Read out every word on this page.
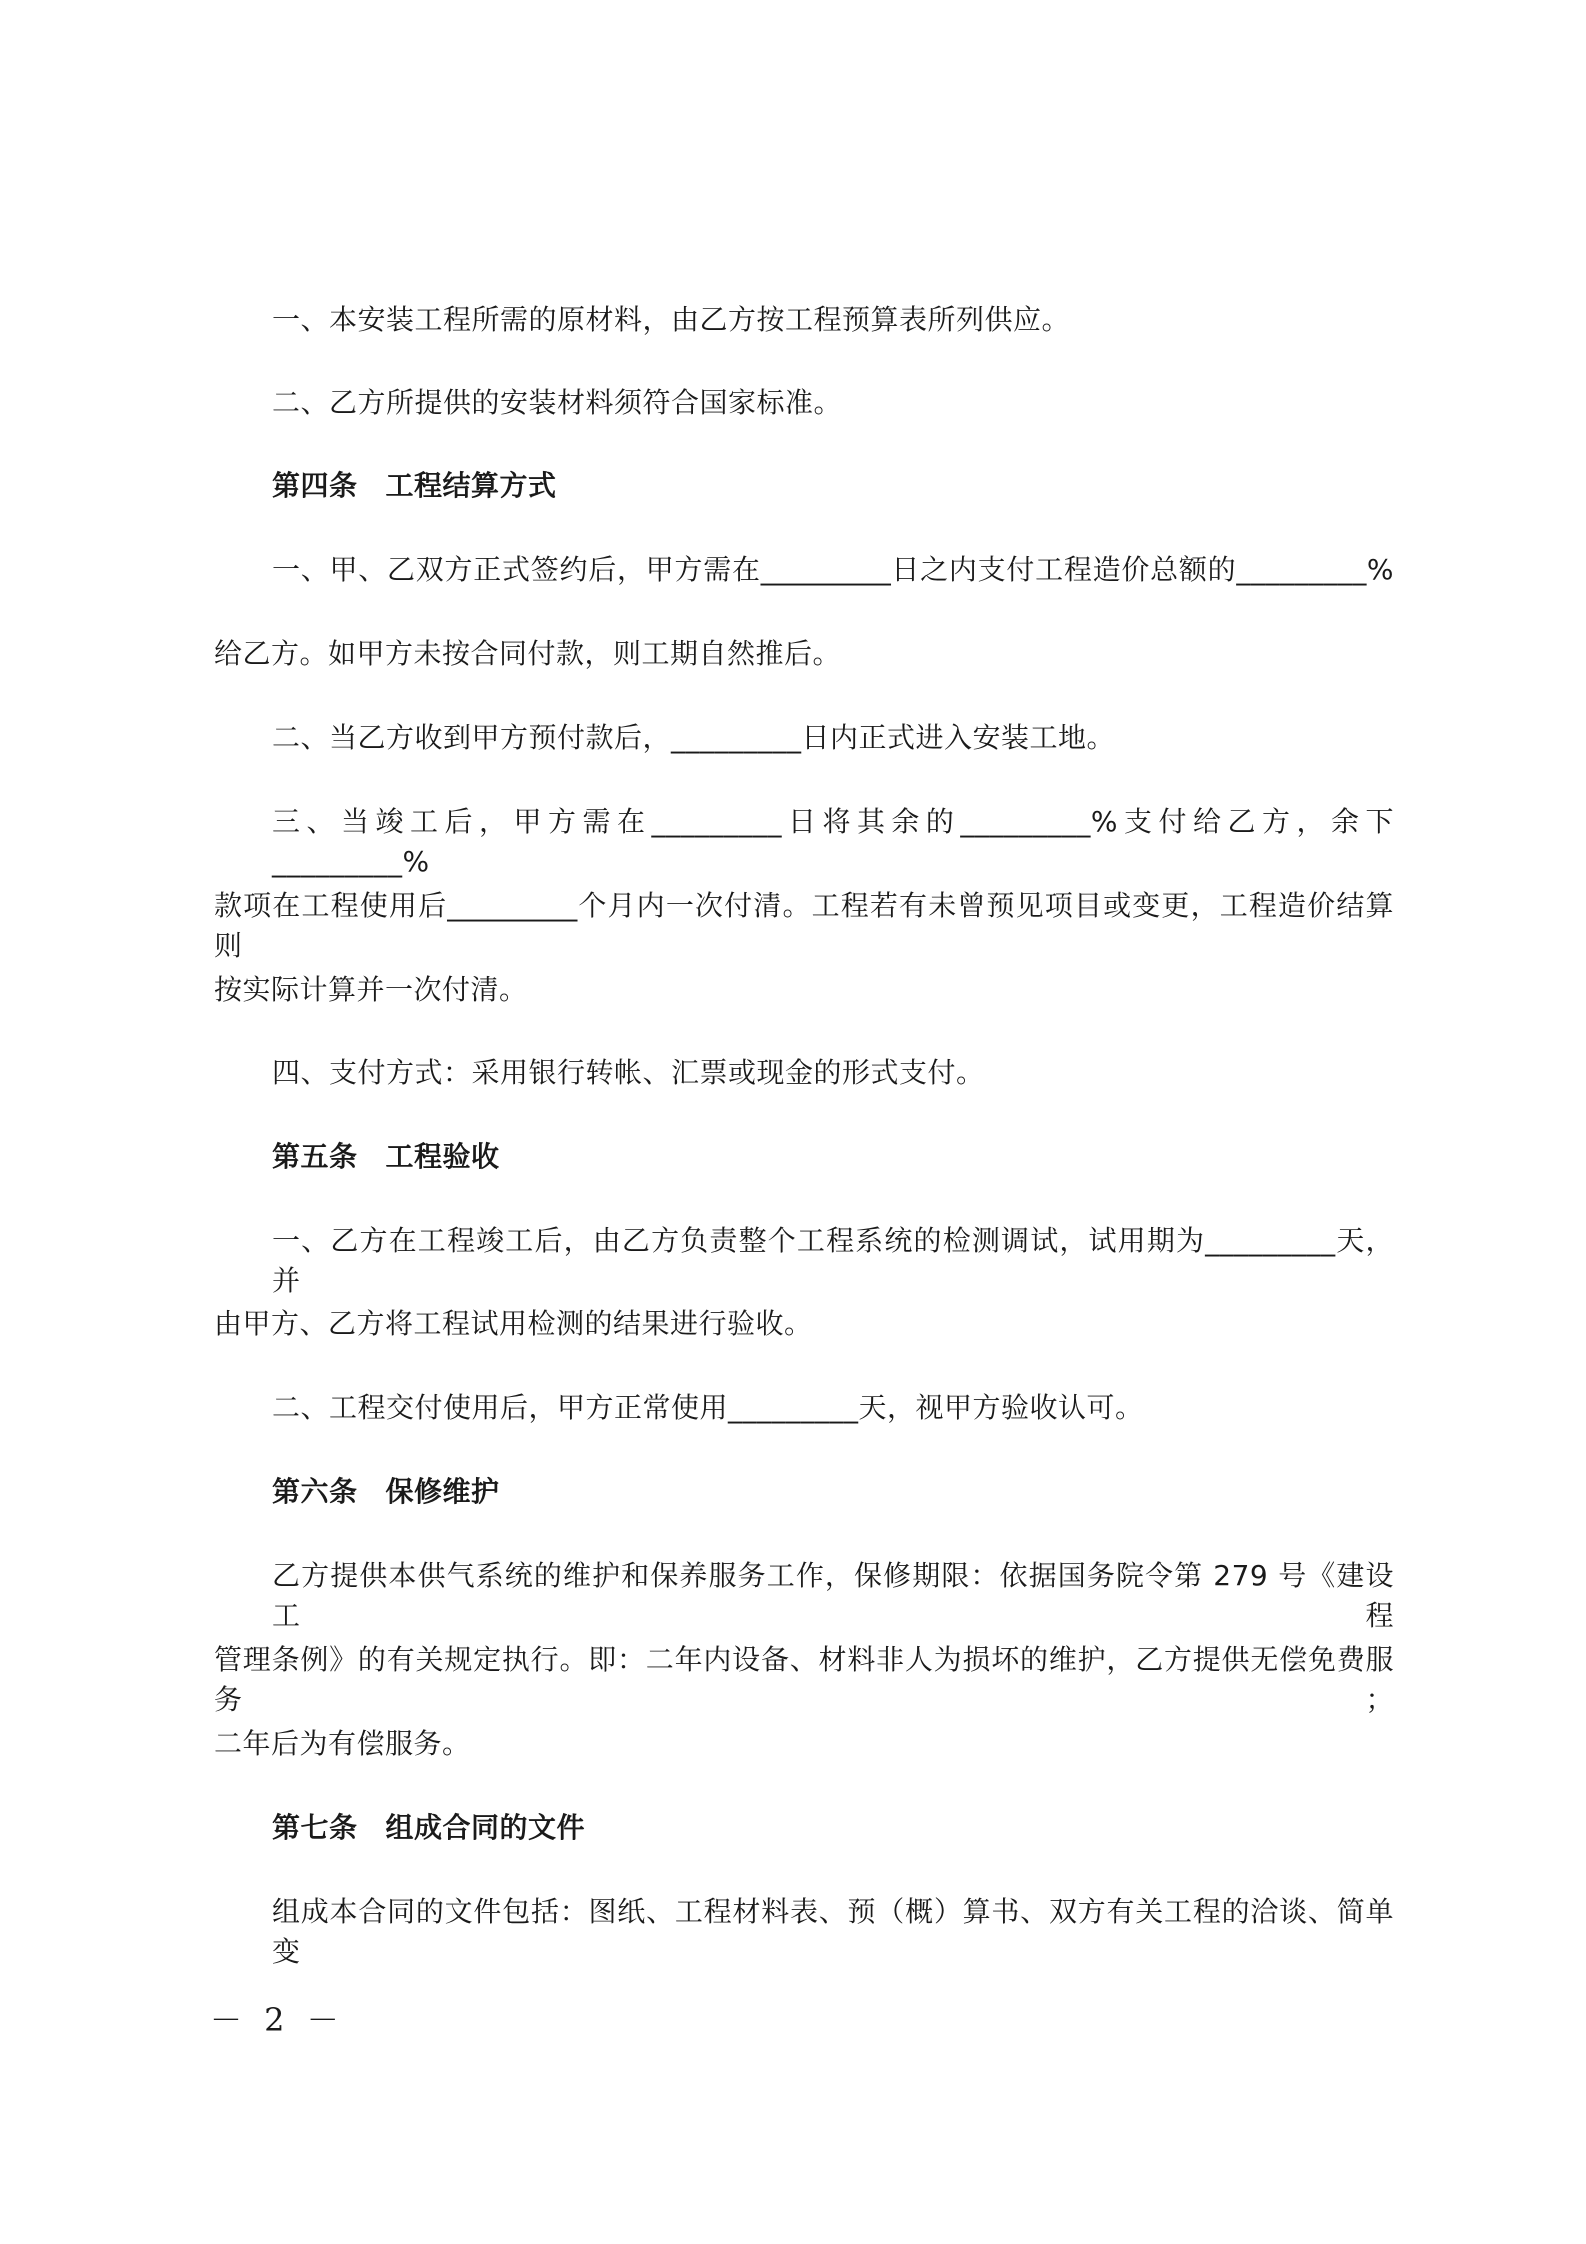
一、本安装工程所需的原材料，由乙方按工程预算表所列供应。
二、乙方所提供的安装材料须符合国家标准。
第四条 工程结算方式
一、甲、乙双方正式签约后，甲方需在_________日之内支付工程造价总额的_________%
给乙方。如甲方未按合同付款，则工期自然推后。
二、当乙方收到甲方预付款后，_________日内正式进入安装工地。
三、当竣工后，甲方需在_________日将其余的_________%支付给乙方，余下_________%
款项在工程使用后_________个月内一次付清。工程若有未曾预见项目或变更，工程造价结算则
按实际计算并一次付清。
四、支付方式：采用银行转帐、汇票或现金的形式支付。
第五条 工程验收
一、乙方在工程竣工后，由乙方负责整个工程系统的检测调试，试用期为_________天，并
由甲方、乙方将工程试用检测的结果进行验收。
二、工程交付使用后，甲方正常使用_________天，视甲方验收认可。
第六条 保修维护
乙方提供本供气系统的维护和保养服务工作，保修期限：依据国务院令第 279 号《建设工程
管理条例》的有关规定执行。即：二年内设备、材料非人为损坏的维护，乙方提供无偿免费服务；
二年后为有偿服务。
第七条 组成合同的文件
组成本合同的文件包括：图纸、工程材料表、预（概）算书、双方有关工程的洽谈、简单变
－ 2 －
